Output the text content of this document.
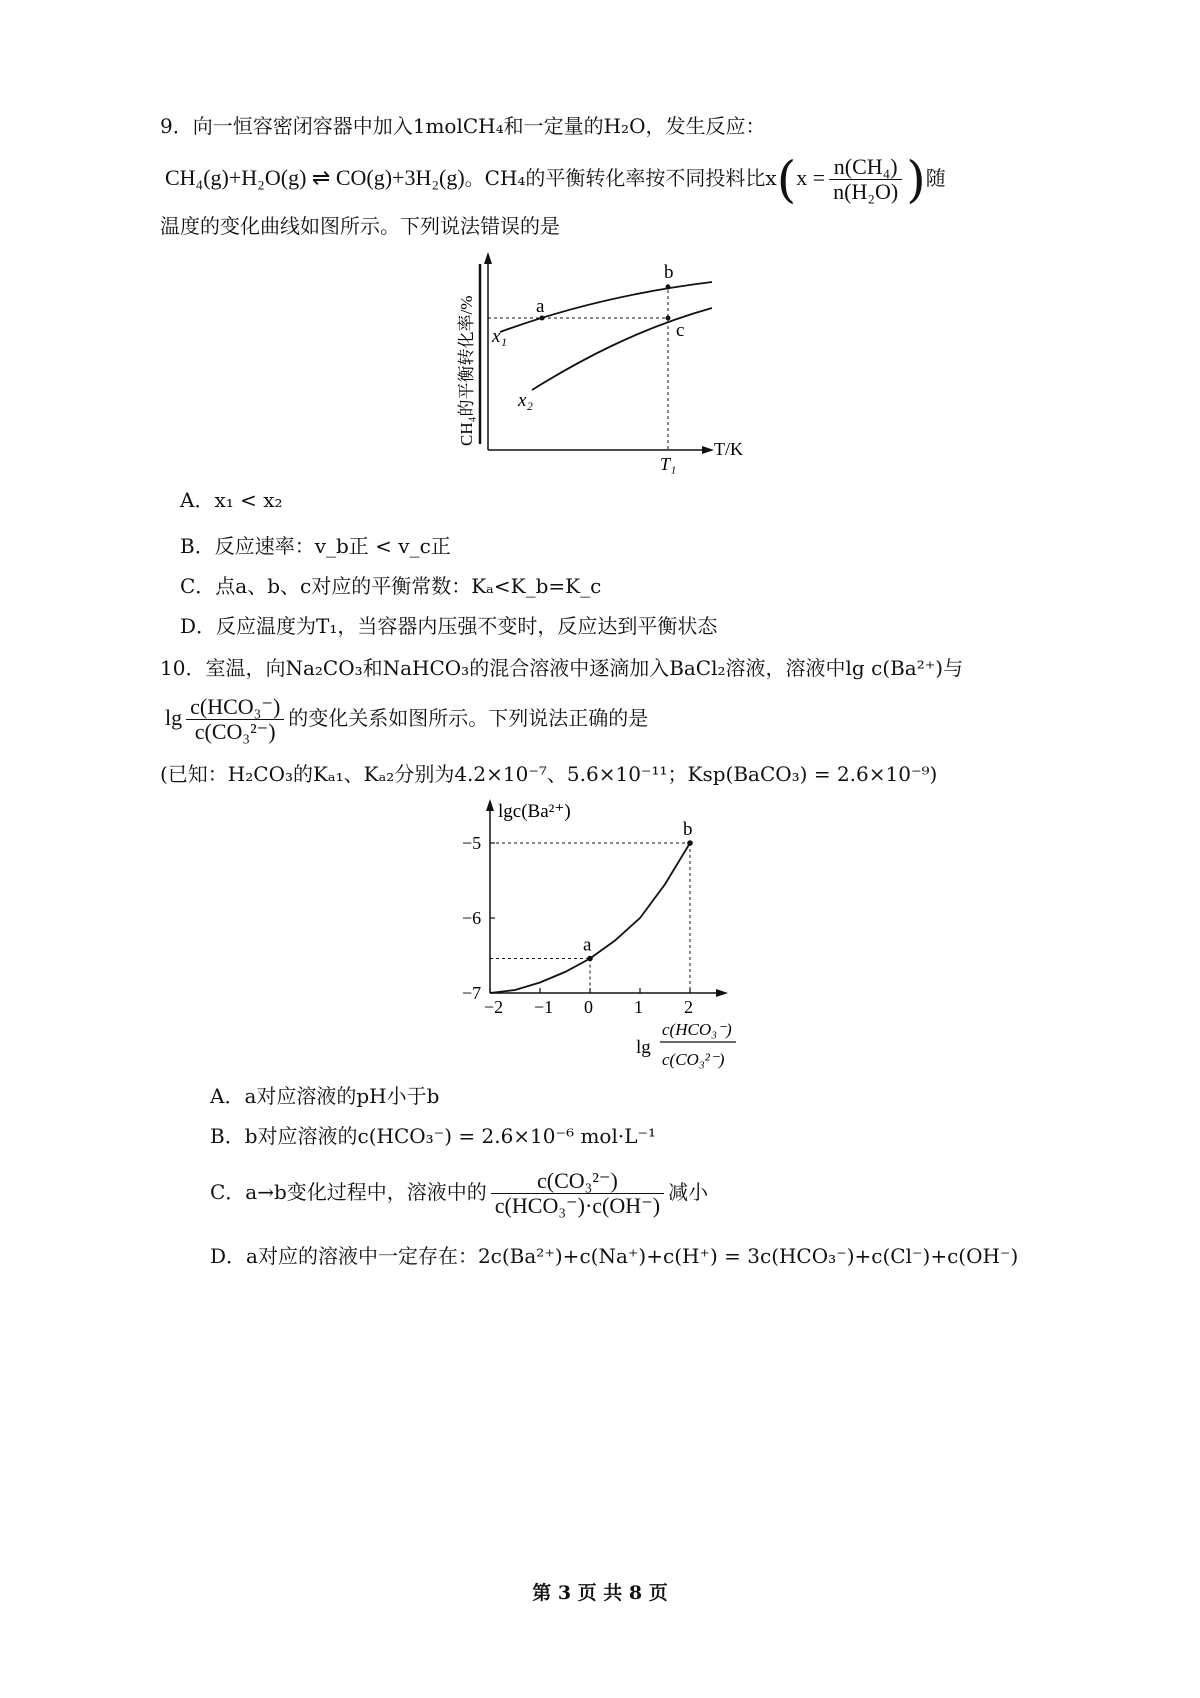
9．向一恒容密闭容器中加入1molCH₄和一定量的H₂O，发生反应：
CH₄(g)+H₂O(g) ⇌ CO(g)+3H₂(g)。CH₄的平衡转化率按不同投料比$x(x = \frac{\text{n(CH₄)}}{\text{n(H₂O)}}$ )随
温度的变化曲线如图所示。下列说法错误的是
CH₄的平衡转化率/%
T/K
a
b
c
x₁
x₂
T₁
A．x₁ < x₂
B．反应速率：v_b正 < v_c正
C．点a、b、c对应的平衡常数：Kₐ<K_b=K_c
D．反应温度为T₁，当容器内压强不变时，反应达到平衡状态
10．室温，向Na₂CO₃和NaHCO₃的混合溶液中逐滴加入BaCl₂溶液，溶液中lg c(Ba²⁺)与
$\lg \frac{\text{c(HCO₃⁻)}}{\text{c(CO₃²⁻)}}$ 的变化关系如图所示。下列说法正确的是
(已知：H₂CO₃的Kₐ₁、Kₐ₂分别为4.2×10⁻⁷、5.6×10⁻¹¹；Ksp(BaCO₃) = 2.6×10⁻⁹)
lgc(Ba²⁺)
−2 −1 0 1 2
−7
−6
−5
a
b
lg
c(HCO₃⁻)
c(CO₃²⁻)
A．a对应溶液的pH小于b
B．b对应溶液的c(HCO₃⁻) = 2.6×10⁻⁶ mol·L⁻¹
C．a→b变化过程中，溶液中的 $\frac{\text{c(CO₃²⁻)}}{\text{c(HCO₃⁻)·c(OH⁻)}}$ 减小
D．a对应的溶液中一定存在：2c(Ba²⁺)+c(Na⁺)+c(H⁺) = 3c(HCO₃⁻)+c(Cl⁻)+c(OH⁻)
第 3 页 共 8 页
